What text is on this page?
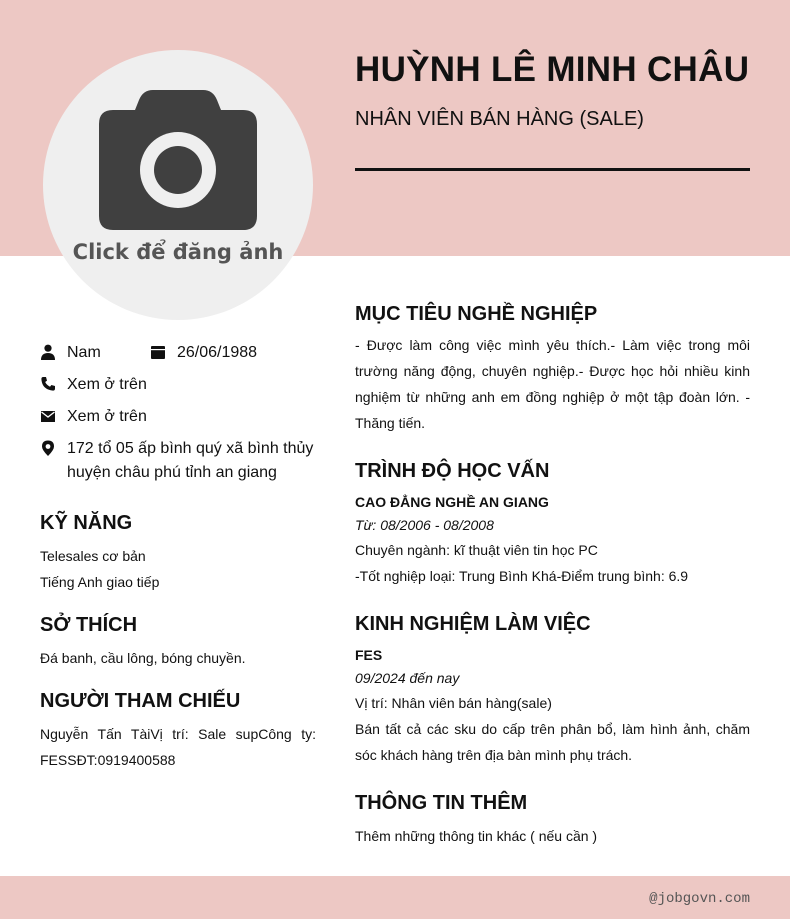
Click để đăng ảnh
HUỲNH LÊ MINH CHÂU
NHÂN VIÊN BÁN HÀNG (SALE)
Nam	26/06/1988
Xem ở trên
Xem ở trên
172 tổ 05 ấp bình quý xã bình thủy huyện châu phú tỉnh an giang
KỸ NĂNG
Telesales cơ bản
Tiếng Anh giao tiếp
SỞ THÍCH
Đá banh, cầu lông, bóng chuyền.
NGƯỜI THAM CHIẾU
Nguyễn Tấn TàiVị trí: Sale supCông ty: FESSĐT:0919400588
MỤC TIÊU NGHỀ NGHIỆP
- Được làm công việc mình yêu thích.- Làm việc trong môi trường năng động, chuyên nghiệp.- Được học hỏi nhiều kinh nghiệm từ những anh em đồng nghiệp ở một tập đoàn lớn. - Thăng tiến.
TRÌNH ĐỘ HỌC VẤN
CAO ĐẲNG NGHỀ AN GIANG
Từ: 08/2006 - 08/2008
Chuyên ngành: kĩ thuật viên tin học PC
-Tốt nghiệp loại: Trung Bình Khá-Điểm trung bình: 6.9
KINH NGHIỆM LÀM VIỆC
FES
09/2024 đến nay
Vị trí: Nhân viên bán hàng(sale)
Bán tất cả các sku do cấp trên phân bổ, làm hình ảnh, chăm sóc khách hàng trên địa bàn mình phụ trách.
THÔNG TIN THÊM
Thêm những thông tin khác ( nếu cần )
@jobgovn.com
